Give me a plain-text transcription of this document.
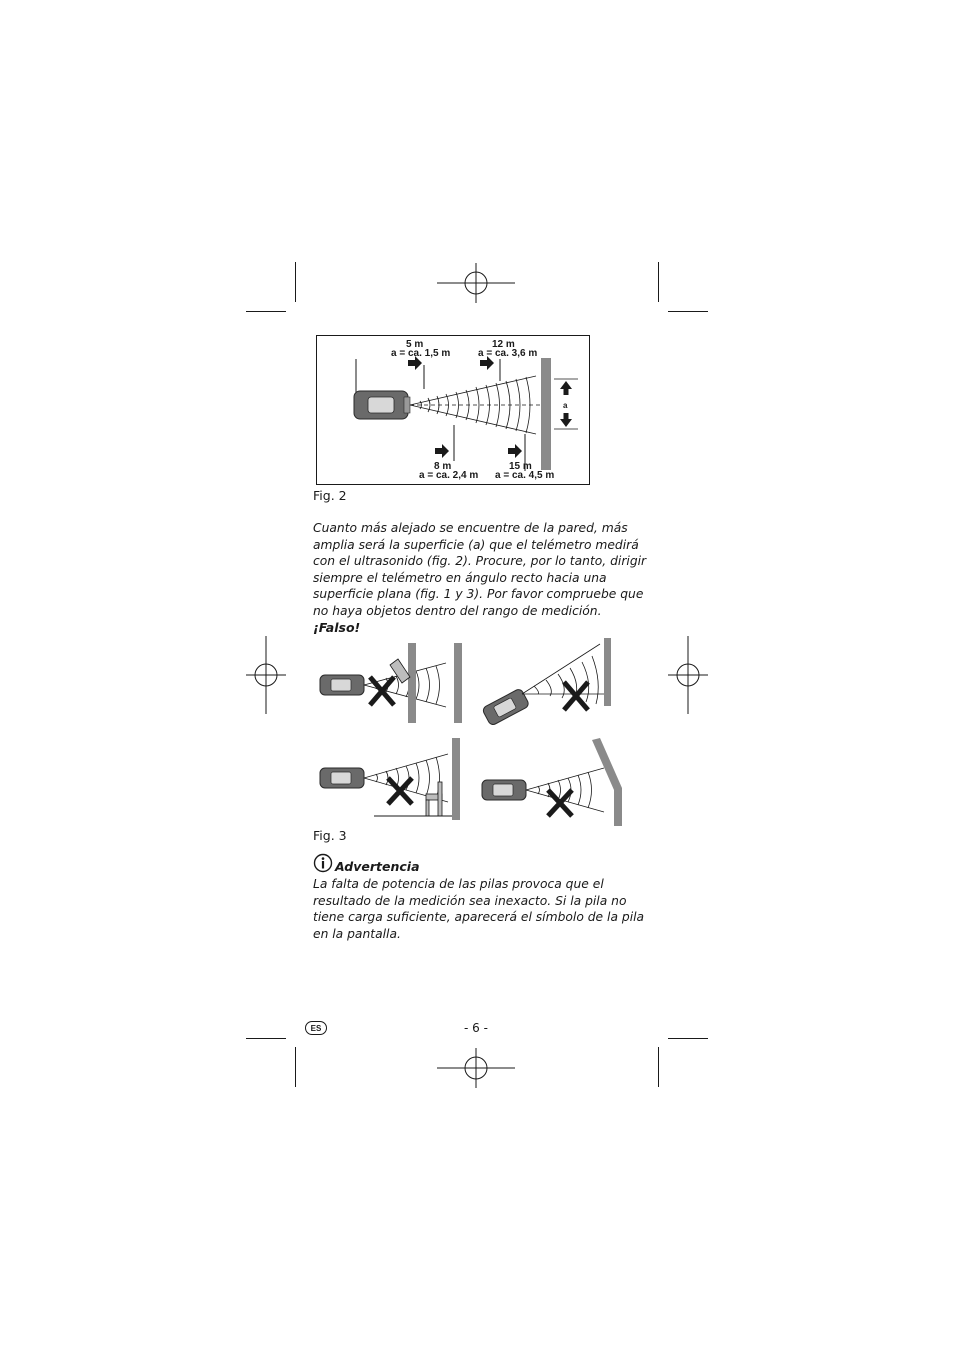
5 m
a = ca. 1,5 m
12 m
a = ca. 3,6 m
8 m
a = ca. 2,4 m
15 m
a = ca. 4,5 m
a
Fig. 2
Cuanto más alejado se encuentre de la pared, más amplia será la superficie (a) que el telémetro medirá con el ultrasonido (fig. 2). Procure, por lo tanto, dirigir siempre el telémetro en ángulo recto hacia una superficie plana (fig. 1 y 3). Por favor compruebe que no haya objetos dentro del rango de medición.
¡Falso!
Fig. 3
Advertencia
La falta de potencia de las pilas provoca que el resultado de la medición sea inexacto. Si la pila no tiene carga suficiente, aparecerá el símbolo de la pila en la pantalla.
ES	- 6 -
